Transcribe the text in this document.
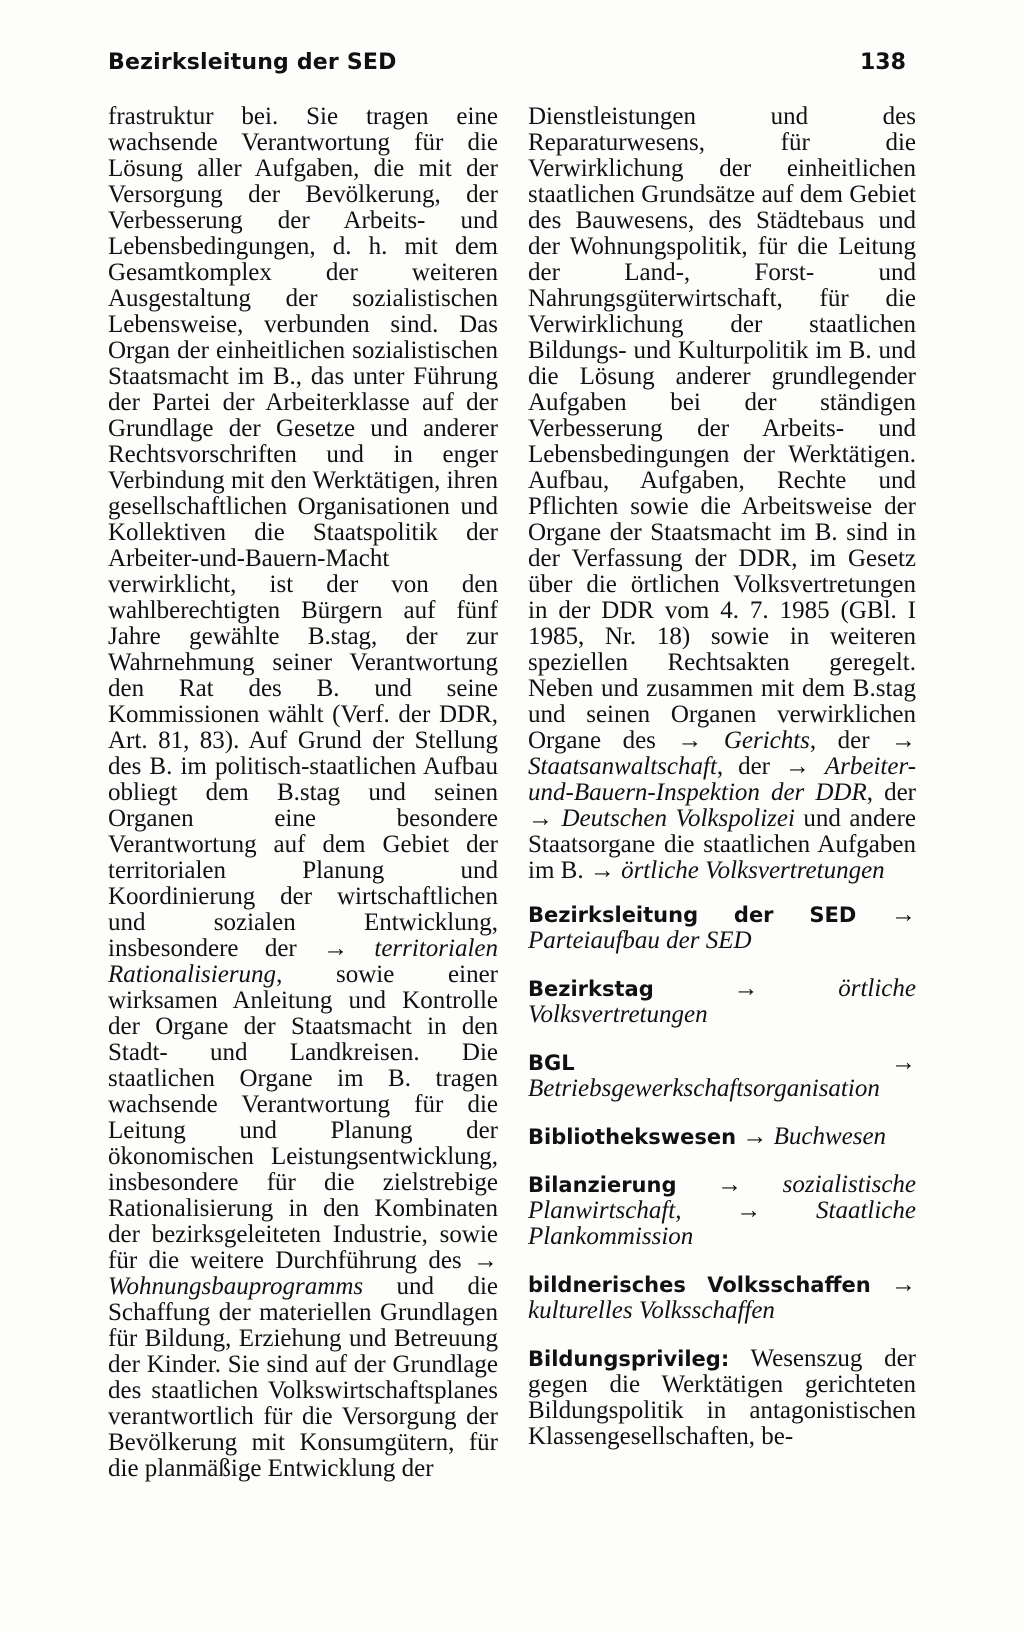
Bezirksleitung der SED	138

frastruktur bei. Sie tragen eine wachsende Verantwortung für die Lösung aller Aufgaben, die mit der Versorgung der Bevölkerung, der Verbesserung der Arbeits- und Lebensbedingungen, d. h. mit dem Gesamtkomplex der weiteren Ausgestaltung der sozialistischen Lebensweise, verbunden sind. Das Organ der einheitlichen sozialistischen Staatsmacht im B., das unter Führung der Partei der Arbeiterklasse auf der Grundlage der Gesetze und anderer Rechtsvorschriften und in enger Verbindung mit den Werktätigen, ihren gesellschaftlichen Organisationen und Kollektiven die Staatspolitik der Arbeiter-und-Bauern-Macht verwirklicht, ist der von den wahlberechtigten Bürgern auf fünf Jahre gewählte B.stag, der zur Wahrnehmung seiner Verantwortung den Rat des B. und seine Kommissionen wählt (Verf. der DDR, Art. 81, 83). Auf Grund der Stellung des B. im politisch-staatlichen Aufbau obliegt dem B.stag und seinen Organen eine besondere Verantwortung auf dem Gebiet der territorialen Planung und Koordinierung der wirtschaftlichen und sozialen Entwicklung, insbesondere der → territorialen Rationalisierung, sowie einer wirksamen Anleitung und Kontrolle der Organe der Staatsmacht in den Stadt- und Landkreisen. Die staatlichen Organe im B. tragen wachsende Verantwortung für die Leitung und Planung der ökonomischen Leistungsentwicklung, insbesondere für die zielstrebige Rationalisierung in den Kombinaten der bezirksgeleiteten Industrie, sowie für die weitere Durchführung des → Wohnungsbauprogramms und die Schaffung der materiellen Grundlagen für Bildung, Erziehung und Betreuung der Kinder. Sie sind auf der Grundlage des staatlichen Volkswirtschaftsplanes verantwortlich für die Versorgung der Bevölkerung mit Konsumgütern, für die planmäßige Entwicklung der

Dienstleistungen und des Reparaturwesens, für die Verwirklichung der einheitlichen staatlichen Grundsätze auf dem Gebiet des Bauwesens, des Städtebaus und der Wohnungspolitik, für die Leitung der Land-, Forst- und Nahrungsgüterwirtschaft, für die Verwirklichung der staatlichen Bildungs- und Kulturpolitik im B. und die Lösung anderer grundlegender Aufgaben bei der ständigen Verbesserung der Arbeits- und Lebensbedingungen der Werktätigen. Aufbau, Aufgaben, Rechte und Pflichten sowie die Arbeitsweise der Organe der Staatsmacht im B. sind in der Verfassung der DDR, im Gesetz über die örtlichen Volksvertretungen in der DDR vom 4. 7. 1985 (GBl. I 1985, Nr. 18) sowie in weiteren speziellen Rechtsakten geregelt. Neben und zusammen mit dem B.stag und seinen Organen verwirklichen Organe des → Gerichts, der → Staatsanwaltschaft, der → Arbeiter-und-Bauern-Inspektion der DDR, der → Deutschen Volkspolizei und andere Staatsorgane die staatlichen Aufgaben im B. → örtliche Volksvertretungen

Bezirksleitung der SED → Parteiaufbau der SED

Bezirkstag	→	örtliche Volksvertretungen

BGL	→ Betriebsgewerkschaftsorganisation

Bibliothekswesen → Buchwesen

Bilanzierung → sozialistische Planwirtschaft, → Staatliche Plankommission

bildnerisches Volksschaffen → kulturelles Volksschaffen

Bildungsprivileg: Wesenszug der gegen die Werktätigen gerichteten Bildungspolitik in antagonistischen Klassengesellschaften, be-
